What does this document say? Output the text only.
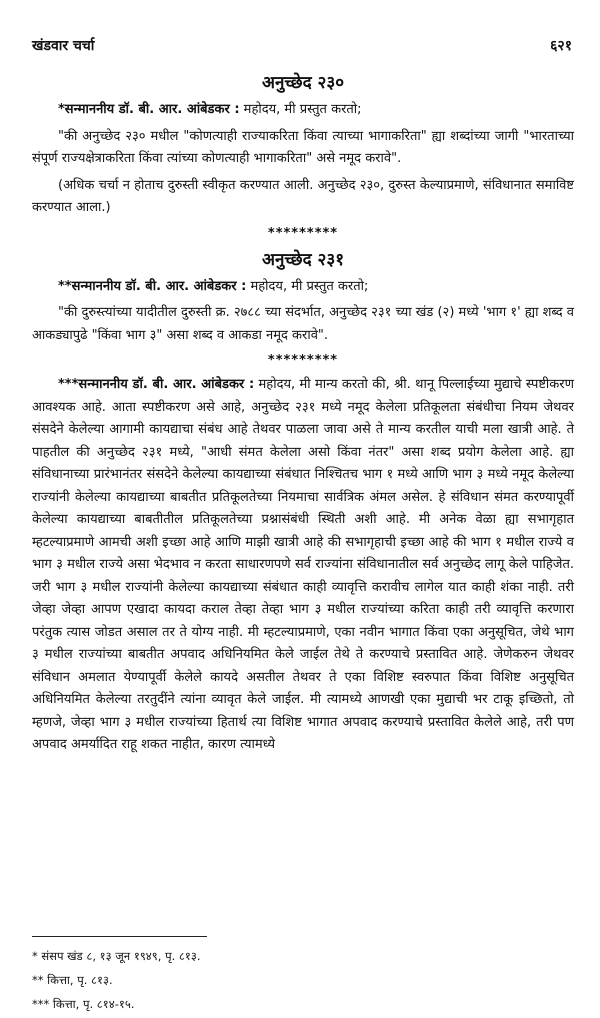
खंडवार चर्चा	६२१
अनुच्छेद २३०

*सन्माननीय डॉ. बी. आर. आंबेडकर : महोदय, मी प्रस्तुत करतो;

"की अनुच्छेद २३० मधील "कोणत्याही राज्याकरिता किंवा त्याच्या भागाकरिता" ह्या शब्दांच्या जागी "भारताच्या संपूर्ण राज्यक्षेत्राकरिता किंवा त्यांच्या कोणत्याही भागाकरिता" असे नमूद करावे".

(अधिक चर्चा न होताच दुरुस्ती स्वीकृत करण्यात आली. अनुच्छेद २३०, दुरुस्त केल्याप्रमाणे, संविधानात समाविष्ट करण्यात आला.)

*********
अनुच्छेद २३१

**सन्माननीय डॉ. बी. आर. आंबेडकर : महोदय, मी प्रस्तुत करतो;

"की दुरुस्त्यांच्या यादीतील दुरुस्ती क्र. २७८८ च्या संदर्भात, अनुच्छेद २३१ च्या खंड (२) मध्ये 'भाग १' ह्या शब्द व आकड्यापुढे "किंवा भाग ३" असा शब्द व आकडा नमूद करावे".

*********

***सन्माननीय डॉ. बी. आर. आंबेडकर : महोदय, मी मान्य करतो की, श्री. थानू पिल्लाईच्या मुद्याचे स्पष्टीकरण आवश्यक आहे. आता स्पष्टीकरण असे आहे, अनुच्छेद २३१ मध्ये नमूद केलेला प्रतिकूलता संबंधीचा नियम जेथवर संसदेने केलेल्या आगामी कायद्याचा संबंध आहे तेथवर पाळला जावा असे ते मान्य करतील याची मला खात्री आहे. ते पाहतील की अनुच्छेद २३१ मध्ये, "आधी संमत केलेला असो किंवा नंतर" असा शब्द प्रयोग केलेला आहे. ह्या संविधानाच्या प्रारंभानंतर संसदेने केलेल्या कायद्याच्या संबंधात निश्चितच भाग १ मध्ये आणि भाग ३ मध्ये नमूद केलेल्या राज्यांनी केलेल्या कायद्याच्या बाबतीत प्रतिकूलतेच्या नियमाचा सार्वत्रिक अंमल असेल. हे संविधान संमत करण्यापूर्वी केलेल्या कायद्याच्या बाबतीतील प्रतिकूलतेच्या प्रश्नासंबंधी स्थिती अशी आहे. मी अनेक वेळा ह्या सभागृहात म्हटल्याप्रमाणे आमची अशी इच्छा आहे आणि माझी खात्री आहे की सभागृहाची इच्छा आहे की भाग १ मधील राज्ये व भाग ३ मधील राज्ये असा भेदभाव न करता साधारणपणे सर्व राज्यांना संविधानातील सर्व अनुच्छेद लागू केले पाहिजेत. जरी भाग ३ मधील राज्यांनी केलेल्या कायद्याच्या संबंधात काही व्यावृत्ति करावीच लागेल यात काही शंका नाही. तरी जेव्हा जेव्हा आपण एखादा कायदा कराल तेव्हा तेव्हा भाग ३ मधील राज्यांच्या करिता काही तरी व्यावृत्ति करणारा परंतुक त्यास जोडत असाल तर ते योग्य नाही. मी म्हटल्याप्रमाणे, एका नवीन भागात किंवा एका अनुसूचित, जेथे भाग ३ मधील राज्यांच्या बाबतीत अपवाद अधिनियमित केले जाईल तेथे ते करण्याचे प्रस्तावित आहे. जेणेकरुन जेथवर संविधान अमलात येण्यापूर्वी केलेले कायदे असतील तेथवर ते एका विशिष्ट स्वरुपात किंवा विशिष्ट अनुसूचित अधिनियमित केलेल्या तरतुदींने त्यांना व्यावृत केले जाईल. मी त्यामध्ये आणखी एका मुद्याची भर टाकू इच्छितो, तो म्हणजे, जेव्हा भाग ३ मधील राज्यांच्या हितार्थ त्या विशिष्ट भागात अपवाद करण्याचे प्रस्तावित केलेले आहे, तरी पण अपवाद अमर्यादित राहू शकत नाहीत, कारण त्यामध्ये

* संसप खंड ८, १३ जून १९४९, पृ. ८१३.
** कित्ता, पृ. ८१३.
*** कित्ता, पृ. ८१४-१५.
